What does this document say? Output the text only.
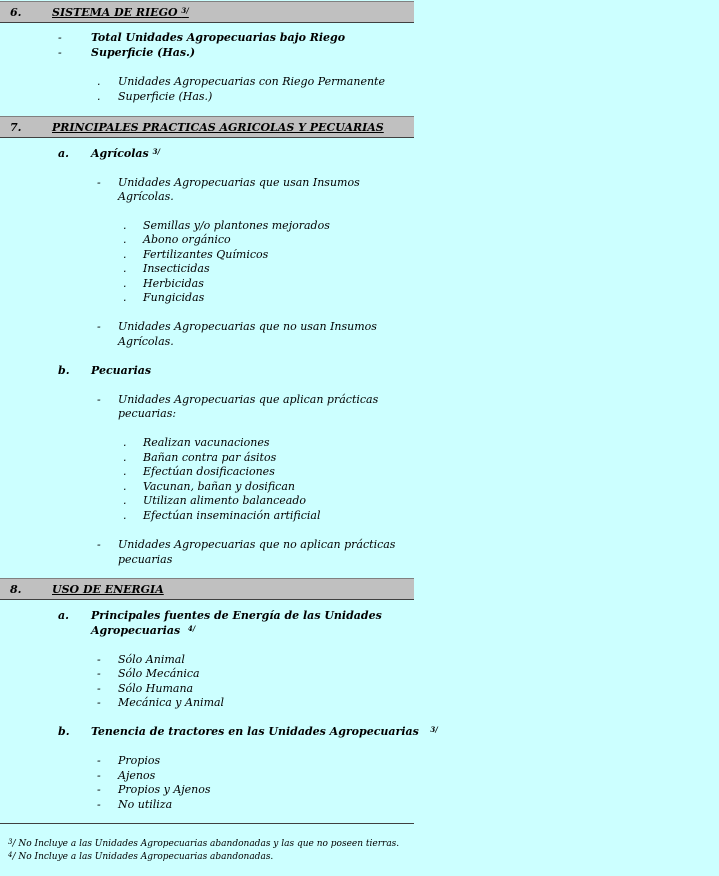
6.	SISTEMA DE RIEGO $^{3/}$
-	Total Unidades Agropecuarias bajo Riego
-	Superficie (Has.)
. Unidades Agropecuarias con Riego Permanente
. Superficie (Has.)
7.	PRINCIPALES PRACTICAS AGRICOLAS Y PECUARIAS
a. Agrícolas $^{3/}$
- Unidades Agropecuarias que usan Insumos
Agrícolas.
. Semillas y/o plantones mejorados
. Abono orgánico
. Fertilizantes Químicos
. Insecticidas
. Herbicidas
. Fungicidas
- Unidades Agropecuarias que no usan Insumos
Agrícolas.
b. Pecuarias
- Unidades Agropecuarias que aplican prácticas
pecuarias:
. Realizan vacunaciones
. Bañan contra par ásitos
. Efectúan dosificaciones
. Vacunan, bañan y dosifican
. Utilizan alimento balanceado
. Efectúan inseminación artificial
- Unidades Agropecuarias que no aplican prácticas
pecuarias
8.	USO DE ENERGIA
a. Principales fuentes de Energía de las Unidades
Agropecuarias $^{4/}$
- Sólo Animal
- Sólo Mecánica
- Sólo Humana
- Mecánica y Animal
b. Tenencia de tractores en las Unidades Agropecuarias $^{3/}$
- Propios
- Ajenos
- Propios y Ajenos
- No utiliza
$^3$/ No Incluye a las Unidades Agropecuarias abandonadas y las que no poseen tierras.
$^4$/ No Incluye a las Unidades Agropecuarias abandonadas.
